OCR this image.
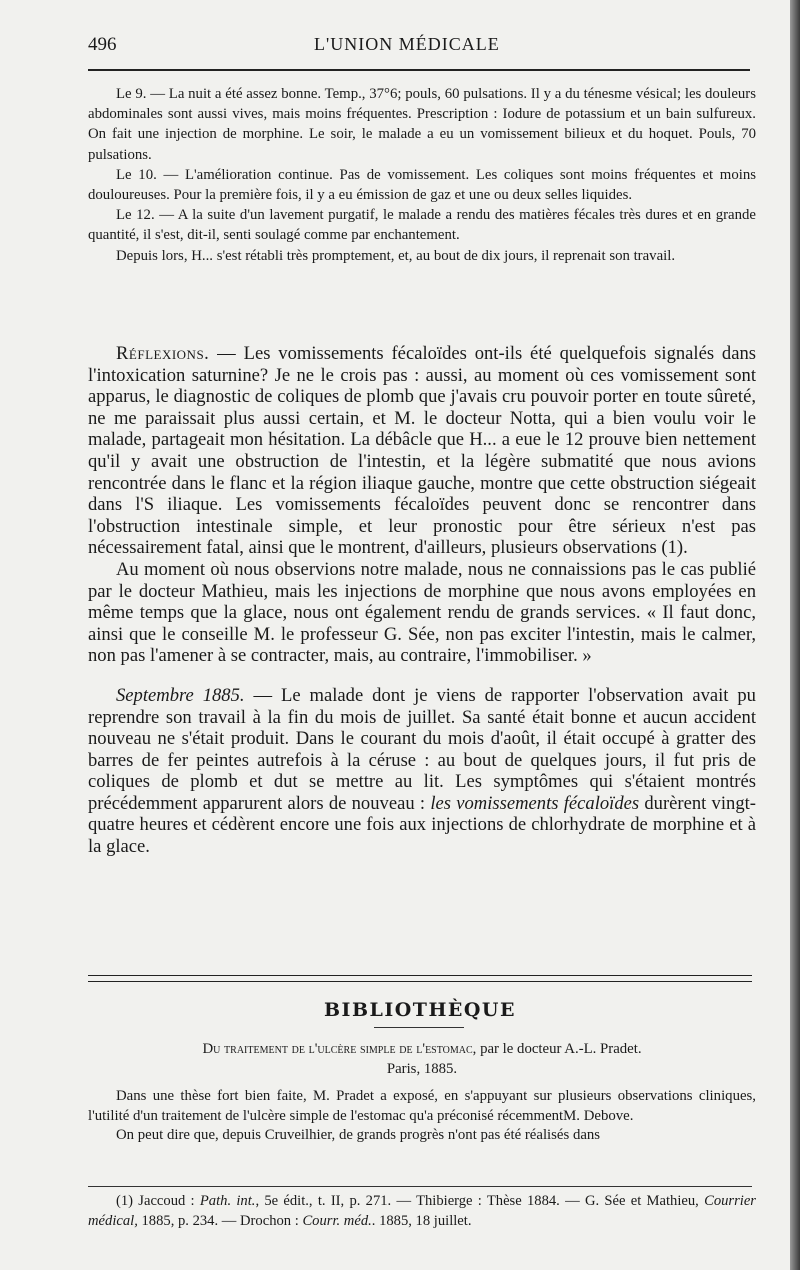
496	L'UNION MÉDICALE

Le 9. — La nuit a été assez bonne. Temp., 37°6; pouls, 60 pulsations. Il y a du ténesme vésical; les douleurs abdominales sont aussi vives, mais moins fréquentes. Prescription : Iodure de potassium et un bain sulfureux. On fait une injection de morphine. Le soir, le malade a eu un vomissement bilieux et du hoquet. Pouls, 70 pulsations.

Le 10. — L'amélioration continue. Pas de vomissement. Les coliques sont moins fréquentes et moins douloureuses. Pour la première fois, il y a eu émission de gaz et une ou deux selles liquides.

Le 12. — A la suite d'un lavement purgatif, le malade a rendu des matières fécales très dures et en grande quantité, il s'est, dit-il, senti soulagé comme par enchantement.

Depuis lors, H... s'est rétabli très promptement, et, au bout de dix jours, il reprenait son travail.

Réflexions. — Les vomissements fécaloïdes ont-ils été quelquefois signalés dans l'intoxication saturnine? Je ne le crois pas : aussi, au moment où ces vomissement sont apparus, le diagnostic de coliques de plomb que j'avais cru pouvoir porter en toute sûreté, ne me paraissait plus aussi certain, et M. le docteur Notta, qui a bien voulu voir le malade, partageait mon hésitation. La débâcle que H... a eue le 12 prouve bien nettement qu'il y avait une obstruction de l'intestin, et la légère submatité que nous avions rencontrée dans le flanc et la région iliaque gauche, montre que cette obstruction siégeait dans l'S iliaque. Les vomissements fécaloïdes peuvent donc se rencontrer dans l'obstruction intestinale simple, et leur pronostic pour être sérieux n'est pas nécessairement fatal, ainsi que le montrent, d'ailleurs, plusieurs observations (1).

Au moment où nous observions notre malade, nous ne connaissions pas le cas publié par le docteur Mathieu, mais les injections de morphine que nous avons employées en même temps que la glace, nous ont également rendu de grands services. « Il faut donc, ainsi que le conseille M. le professeur G. Sée, non pas exciter l'intestin, mais le calmer, non pas l'amener à se contracter, mais, au contraire, l'immobiliser. »

Septembre 1885. — Le malade dont je viens de rapporter l'observation avait pu reprendre son travail à la fin du mois de juillet. Sa santé était bonne et aucun accident nouveau ne s'était produit. Dans le courant du mois d'août, il était occupé à gratter des barres de fer peintes autrefois à la céruse : au bout de quelques jours, il fut pris de coliques de plomb et dut se mettre au lit. Les symptômes qui s'étaient montrés précédemment apparurent alors de nouveau : les vomissements fécaloïdes durèrent vingt-quatre heures et cédèrent encore une fois aux injections de chlorhydrate de morphine et à la glace.

BIBLIOTHÈQUE

Du traitement de l'ulcère simple de l'estomac, par le docteur A.-L. Pradet.
Paris, 1885.

Dans une thèse fort bien faite, M. Pradet a exposé, en s'appuyant sur plusieurs observations cliniques, l'utilité d'un traitement de l'ulcère simple de l'estomac qu'a préconisé récemmentM. Debove.

On peut dire que, depuis Cruveilhier, de grands progrès n'ont pas été réalisés dans

(1) Jaccoud : Path. int., 5e édit., t. II, p. 271. — Thibierge : Thèse 1884. — G. Sée et Mathieu, Courrier médical, 1885, p. 234. — Drochon : Courr. méd.. 1885, 18 juillet.
